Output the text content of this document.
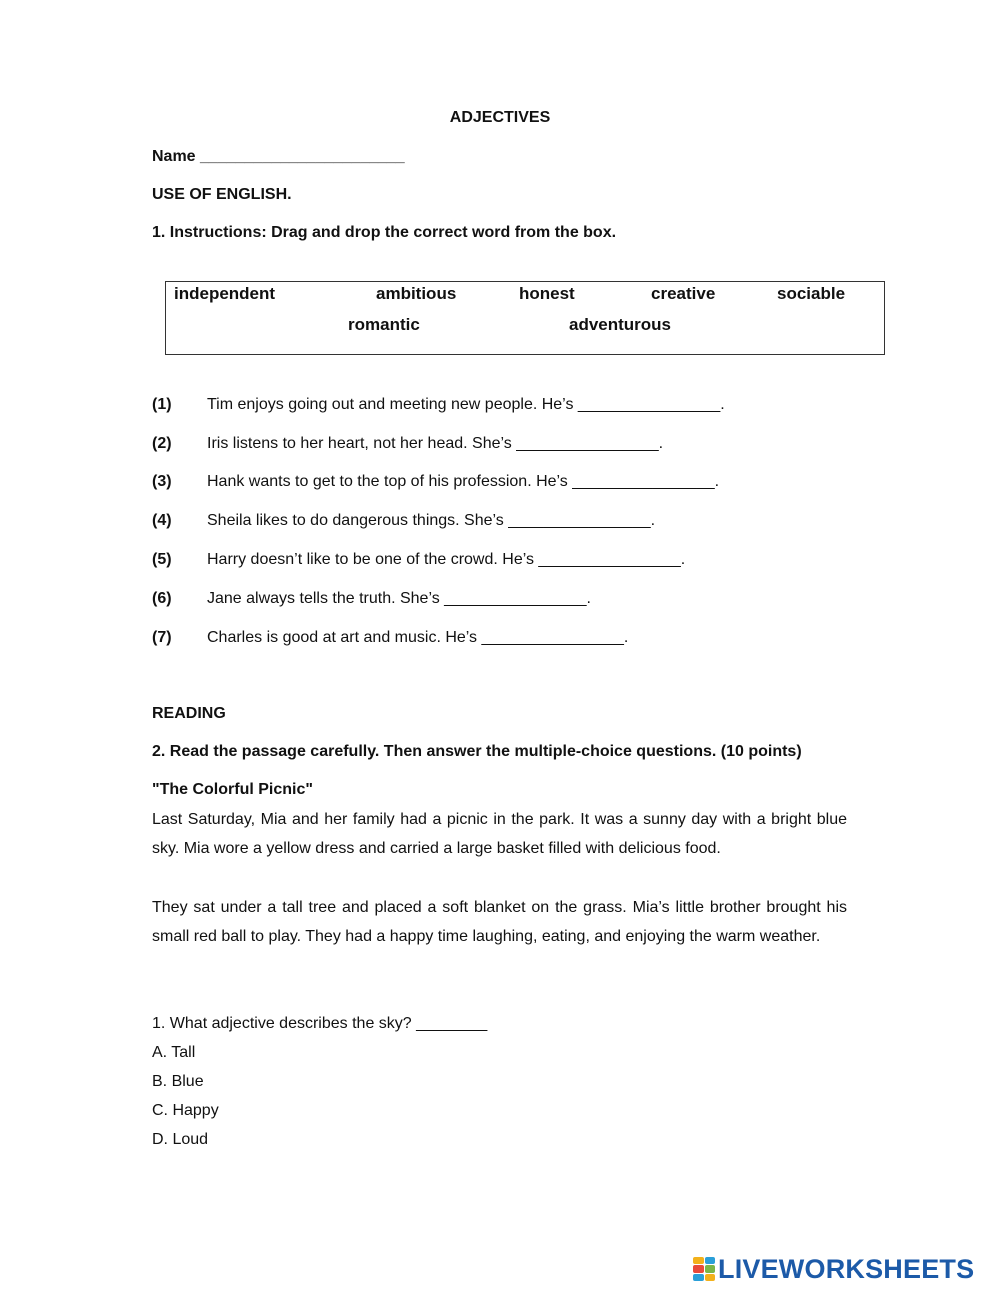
ADJECTIVES
Name _______________________
USE OF ENGLISH.
1. Instructions: Drag and drop the correct word from the box.
independent	ambitious	honest	creative	sociable
romantic	adventurous
(1) Tim enjoys going out and meeting new people. He’s ________________.
(2) Iris listens to her heart, not her head. She’s ________________.
(3) Hank wants to get to the top of his profession. He’s ________________.
(4) Sheila likes to do dangerous things. She’s ________________.
(5) Harry doesn’t like to be one of the crowd. He’s ________________.
(6) Jane always tells the truth. She’s ________________.
(7) Charles is good at art and music. He’s ________________.
READING
2. Read the passage carefully. Then answer the multiple-choice questions. (10 points)
"The Colorful Picnic"
Last Saturday, Mia and her family had a picnic in the park. It was a sunny day with a bright blue sky. Mia wore a yellow dress and carried a large basket filled with delicious food.
They sat under a tall tree and placed a soft blanket on the grass. Mia’s little brother brought his small red ball to play. They had a happy time laughing, eating, and enjoying the warm weather.
1. What adjective describes the sky? ________
A. Tall
B. Blue
C. Happy
D. Loud
LIVEWORKSHEETS
